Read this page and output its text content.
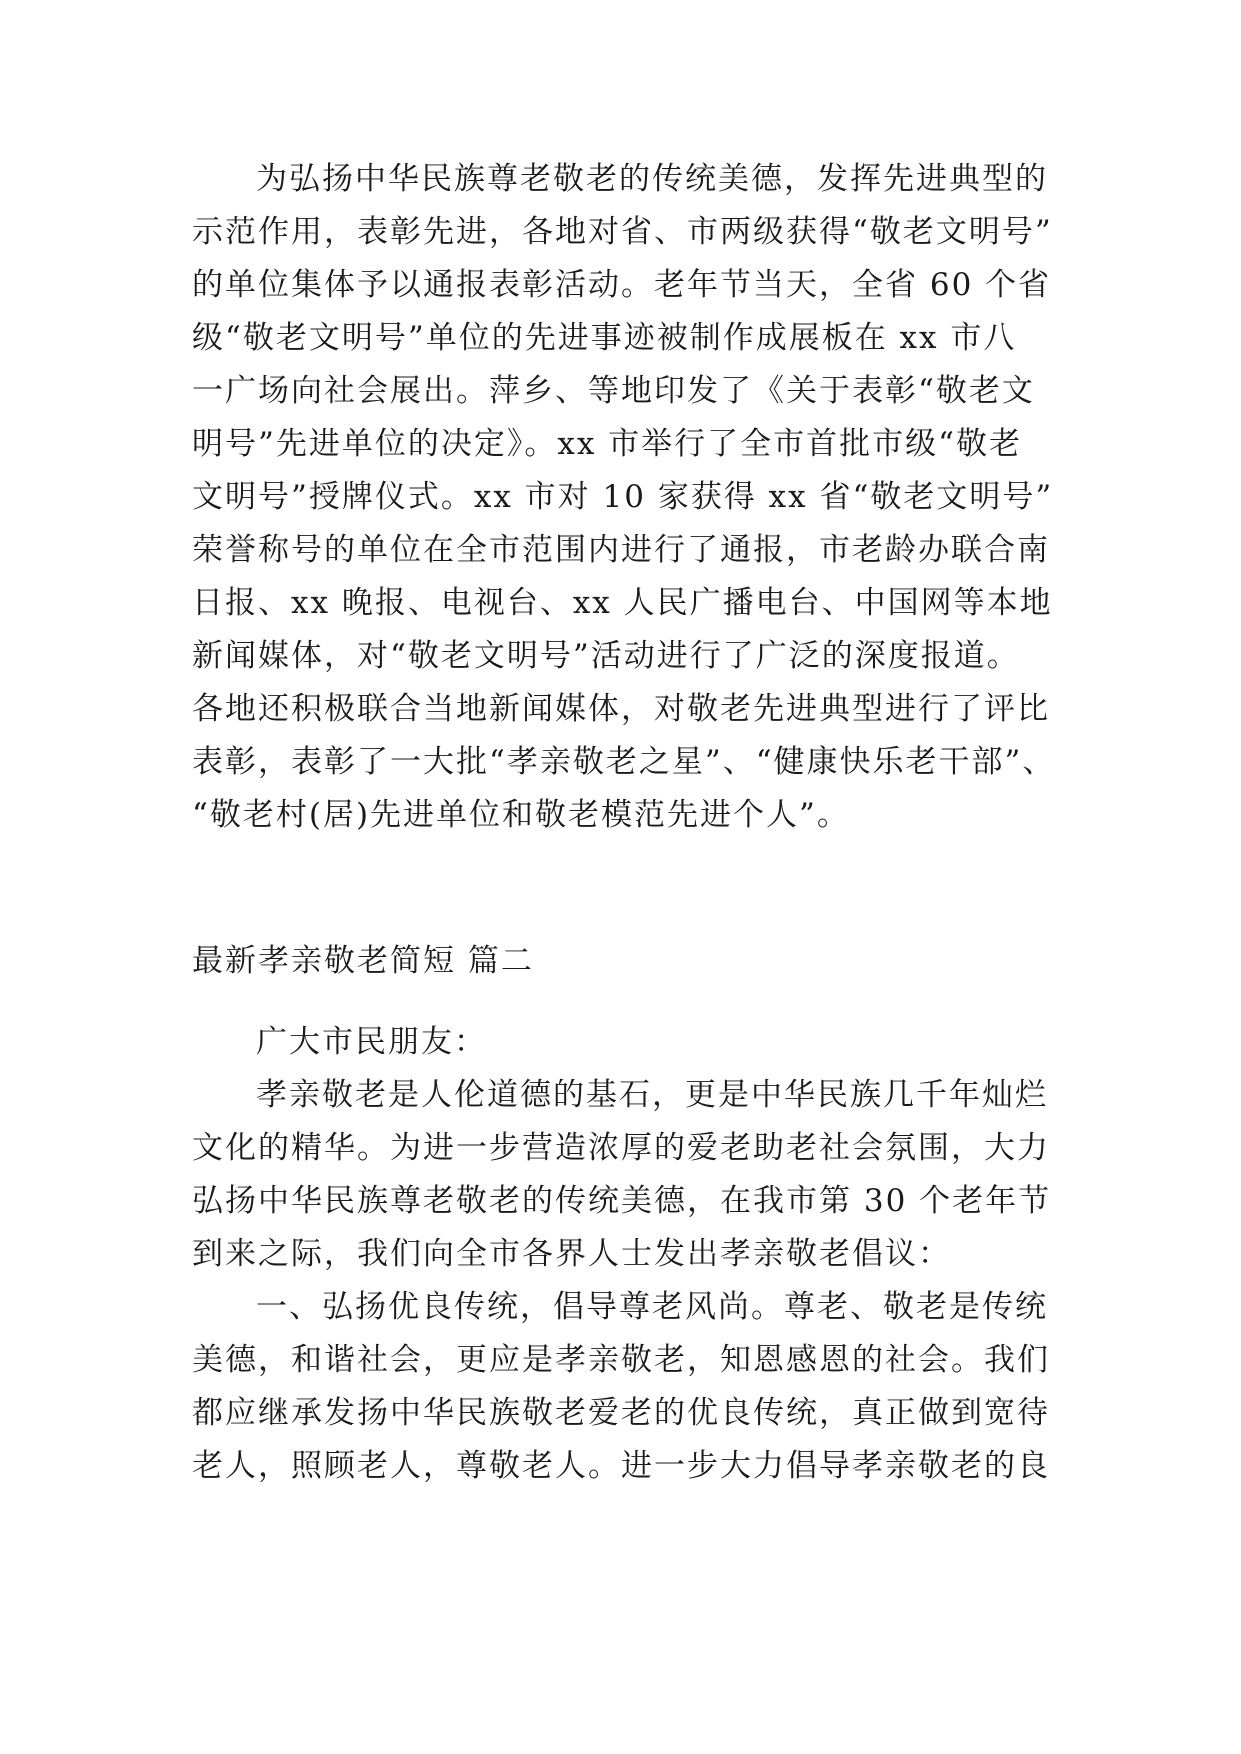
为弘扬中华民族尊老敬老的传统美德，发挥先进典型的
示范作用，表彰先进，各地对省、市两级获得“敬老文明号”
的单位集体予以通报表彰活动。老年节当天，全省 60 个省
级“敬老文明号”单位的先进事迹被制作成展板在 xx 市八
一广场向社会展出。萍乡、等地印发了《关于表彰“敬老文
明号”先进单位的决定》。xx 市举行了全市首批市级“敬老
文明号”授牌仪式。xx 市对 10 家获得 xx 省“敬老文明号”
荣誉称号的单位在全市范围内进行了通报，市老龄办联合南
日报、xx 晚报、电视台、xx 人民广播电台、中国网等本地
新闻媒体，对“敬老文明号”活动进行了广泛的深度报道。
各地还积极联合当地新闻媒体，对敬老先进典型进行了评比
表彰，表彰了一大批“孝亲敬老之星”、“健康快乐老干部”、
“敬老村(居)先进单位和敬老模范先进个人”。
最新孝亲敬老简短 篇二
广大市民朋友：
孝亲敬老是人伦道德的基石，更是中华民族几千年灿烂
文化的精华。为进一步营造浓厚的爱老助老社会氛围，大力
弘扬中华民族尊老敬老的传统美德，在我市第 30 个老年节
到来之际，我们向全市各界人士发出孝亲敬老倡议：
一、弘扬优良传统，倡导尊老风尚。尊老、敬老是传统
美德，和谐社会，更应是孝亲敬老，知恩感恩的社会。我们
都应继承发扬中华民族敬老爱老的优良传统，真正做到宽待
老人，照顾老人，尊敬老人。进一步大力倡导孝亲敬老的良
